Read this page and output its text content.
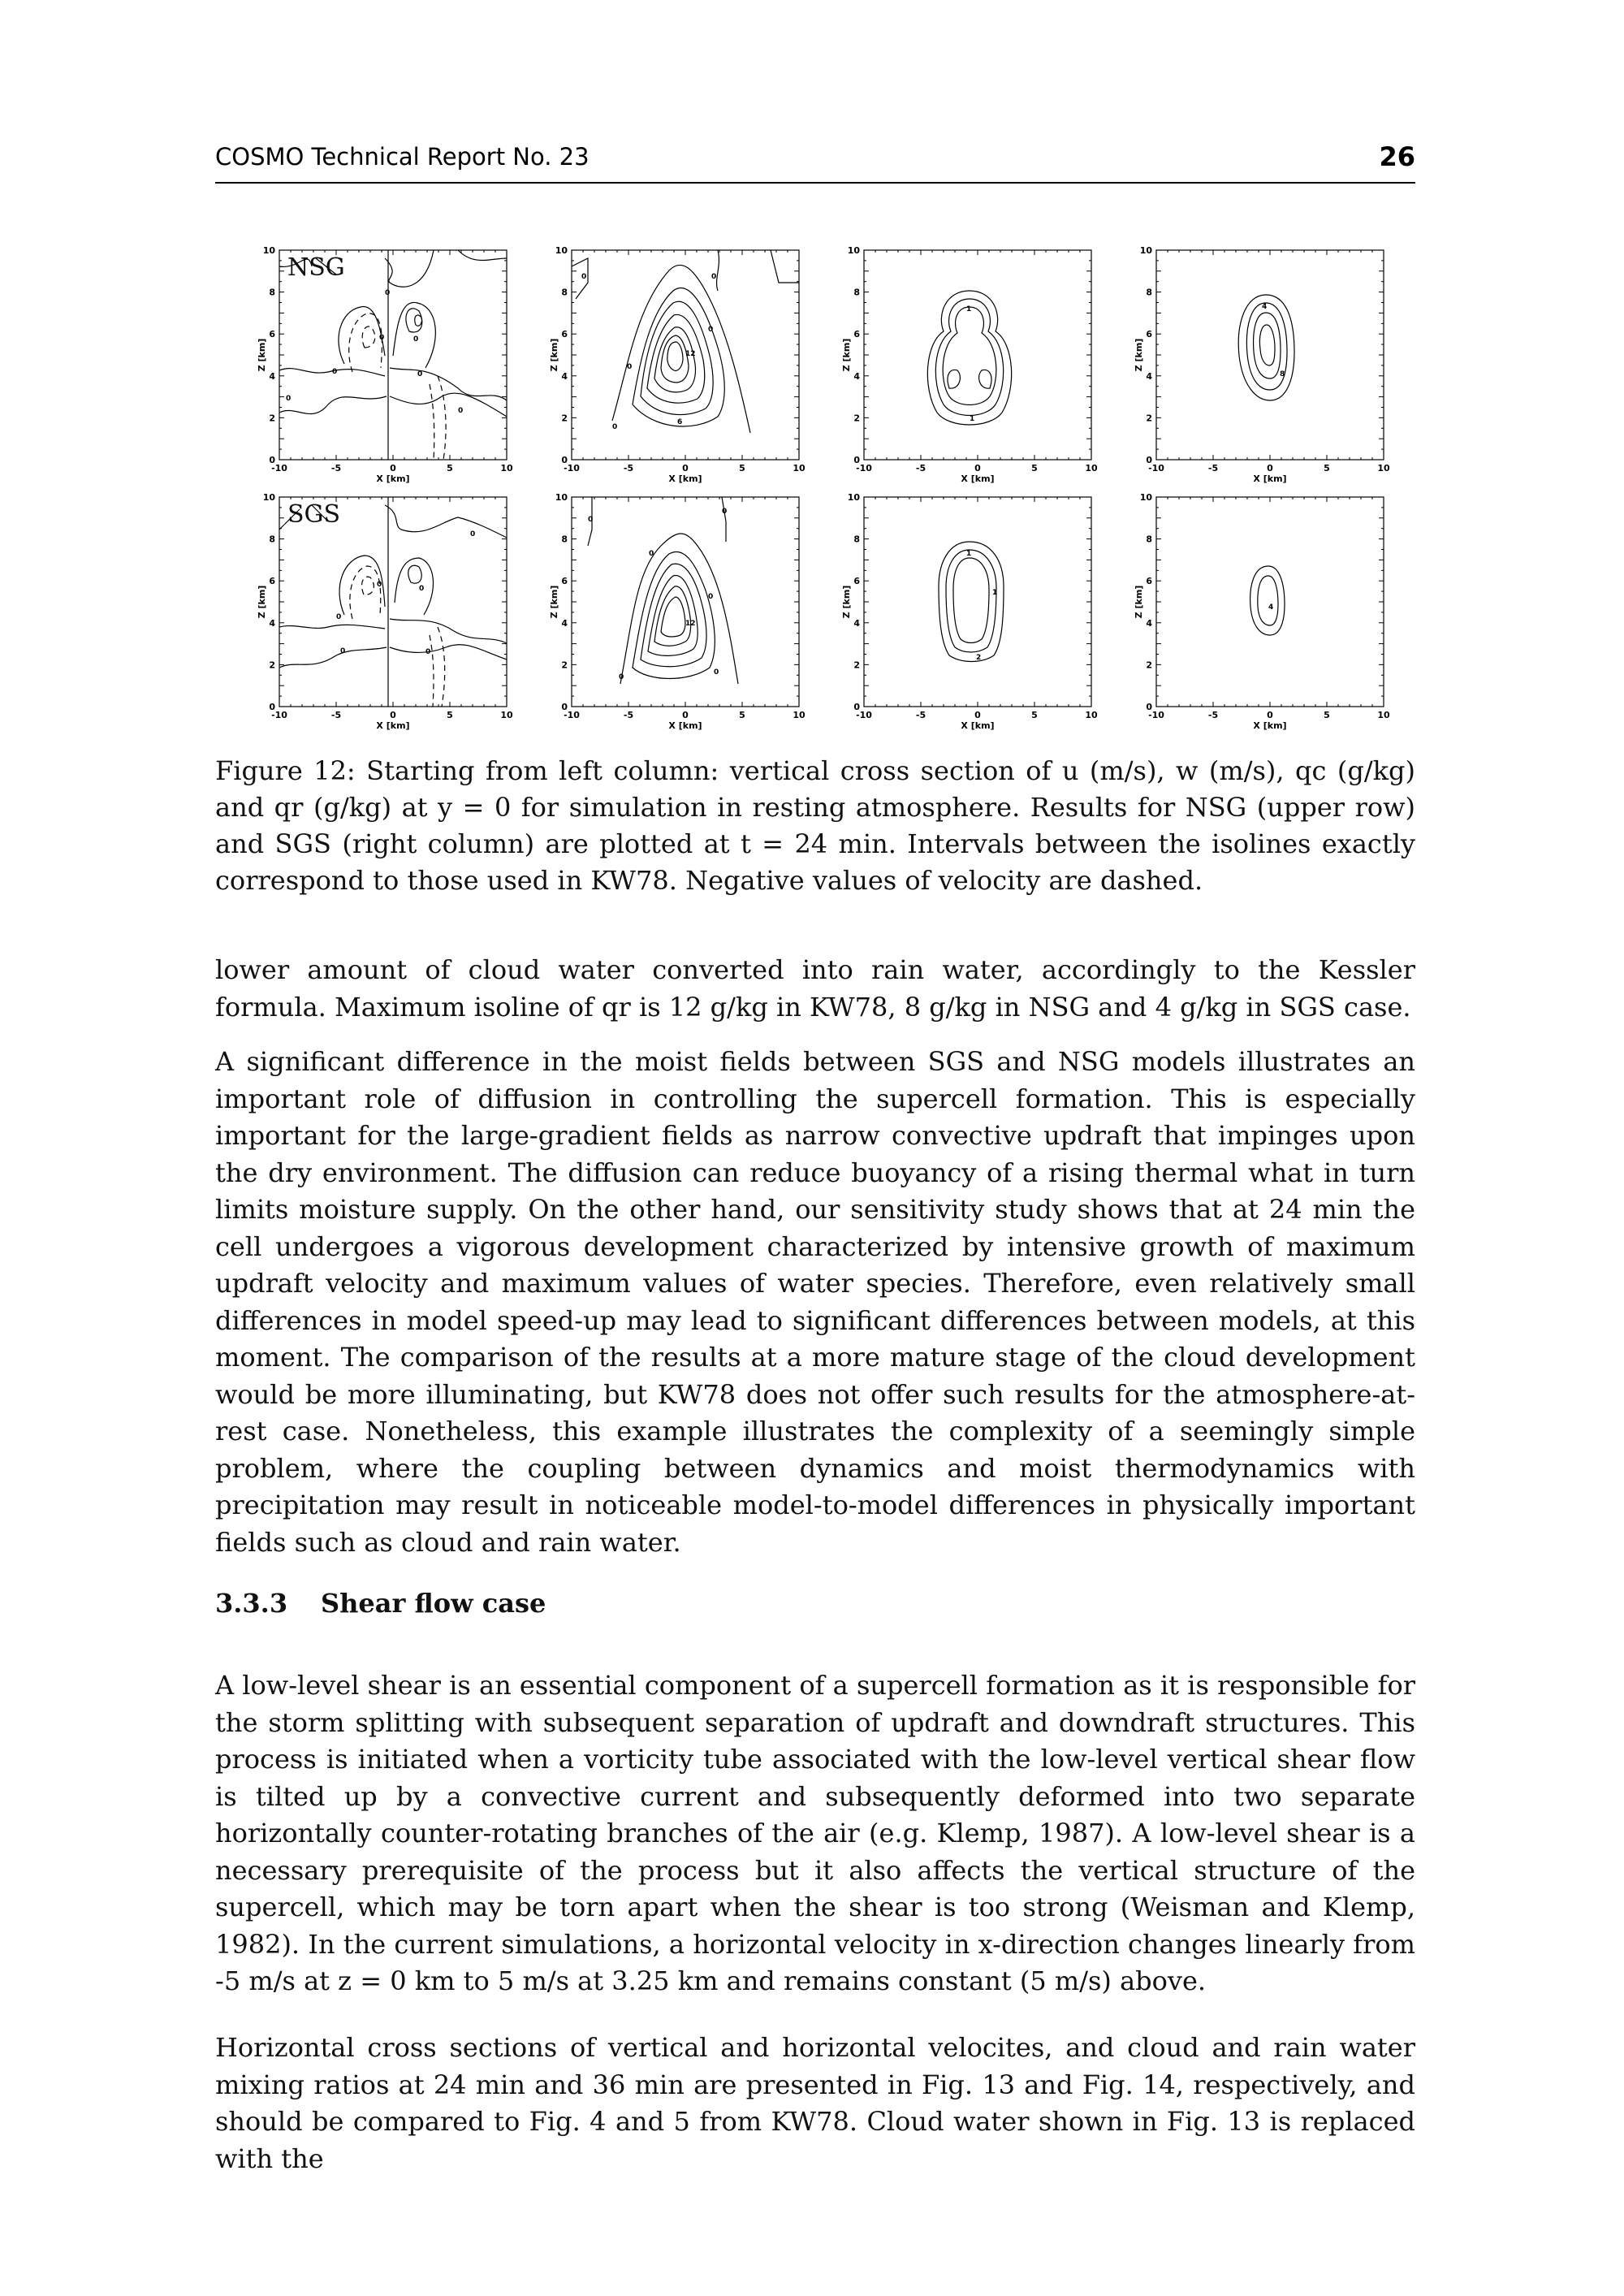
COSMO Technical Report No. 23	26
-10	-5	0	5	10
0
2
4
6
8
10
X [km]
Z [km]
NSG
0
0
0	0
0
0
0
-10	-5	0	5	10
0
2
4
6
8
10
X [km]
Z [km]
0	0
0
0
12
6
0
-10	-5	0	5	10
0
2
4
6
8
10
X [km]
Z [km]
1
1
-10	-5	0	5	10
0
2
4
6
8
10
X [km]
Z [km]
4
8
-10	-5	0	5	10
0
2
4
6
8
10
X [km]
Z [km]
SGS
0
0
0	0
0
0
-10	-5	0	5	10
0
2
4
6
8
10
X [km]
Z [km]
0
0
0
0
12
0
0
-10	-5	0	5	10
0
2
4
6
8
10
X [km]
Z [km]
1
1
2
-10	-5	0	5	10
0
2
4
6
8
10
X [km]
Z [km]	4
Figure 12: Starting from left column: vertical cross section of u (m/s), w (m/s), qc (g/kg) and qr (g/kg) at y = 0 for simulation in resting atmosphere. Results for NSG (upper row) and SGS (right column) are plotted at t = 24 min. Intervals between the isolines exactly correspond to those used in KW78. Negative values of velocity are dashed.
lower amount of cloud water converted into rain water, accordingly to the Kessler formula. Maximum isoline of qr is 12 g/kg in KW78, 8 g/kg in NSG and 4 g/kg in SGS case.
A significant difference in the moist fields between SGS and NSG models illustrates an important role of diffusion in controlling the supercell formation. This is especially important for the large-gradient fields as narrow convective updraft that impinges upon the dry environment. The diffusion can reduce buoyancy of a rising thermal what in turn limits moisture supply. On the other hand, our sensitivity study shows that at 24 min the cell undergoes a vigorous development characterized by intensive growth of maximum updraft velocity and maximum values of water species. Therefore, even relatively small differences in model speed-up may lead to significant differences between models, at this moment. The comparison of the results at a more mature stage of the cloud development would be more illuminating, but KW78 does not offer such results for the atmosphere-at-rest case. Nonetheless, this example illustrates the complexity of a seemingly simple problem, where the coupling between dynamics and moist thermodynamics with precipitation may result in noticeable model-to-model differences in physically important fields such as cloud and rain water.
3.3.3 Shear flow case
A low-level shear is an essential component of a supercell formation as it is responsible for the storm splitting with subsequent separation of updraft and downdraft structures. This process is initiated when a vorticity tube associated with the low-level vertical shear flow is tilted up by a convective current and subsequently deformed into two separate horizontally counter-rotating branches of the air (e.g. Klemp, 1987). A low-level shear is a necessary prerequisite of the process but it also affects the vertical structure of the supercell, which may be torn apart when the shear is too strong (Weisman and Klemp, 1982). In the current simulations, a horizontal velocity in x-direction changes linearly from -5 m/s at z = 0 km to 5 m/s at 3.25 km and remains constant (5 m/s) above.
Horizontal cross sections of vertical and horizontal velocites, and cloud and rain water mixing ratios at 24 min and 36 min are presented in Fig. 13 and Fig. 14, respectively, and should be compared to Fig. 4 and 5 from KW78. Cloud water shown in Fig. 13 is replaced with the
